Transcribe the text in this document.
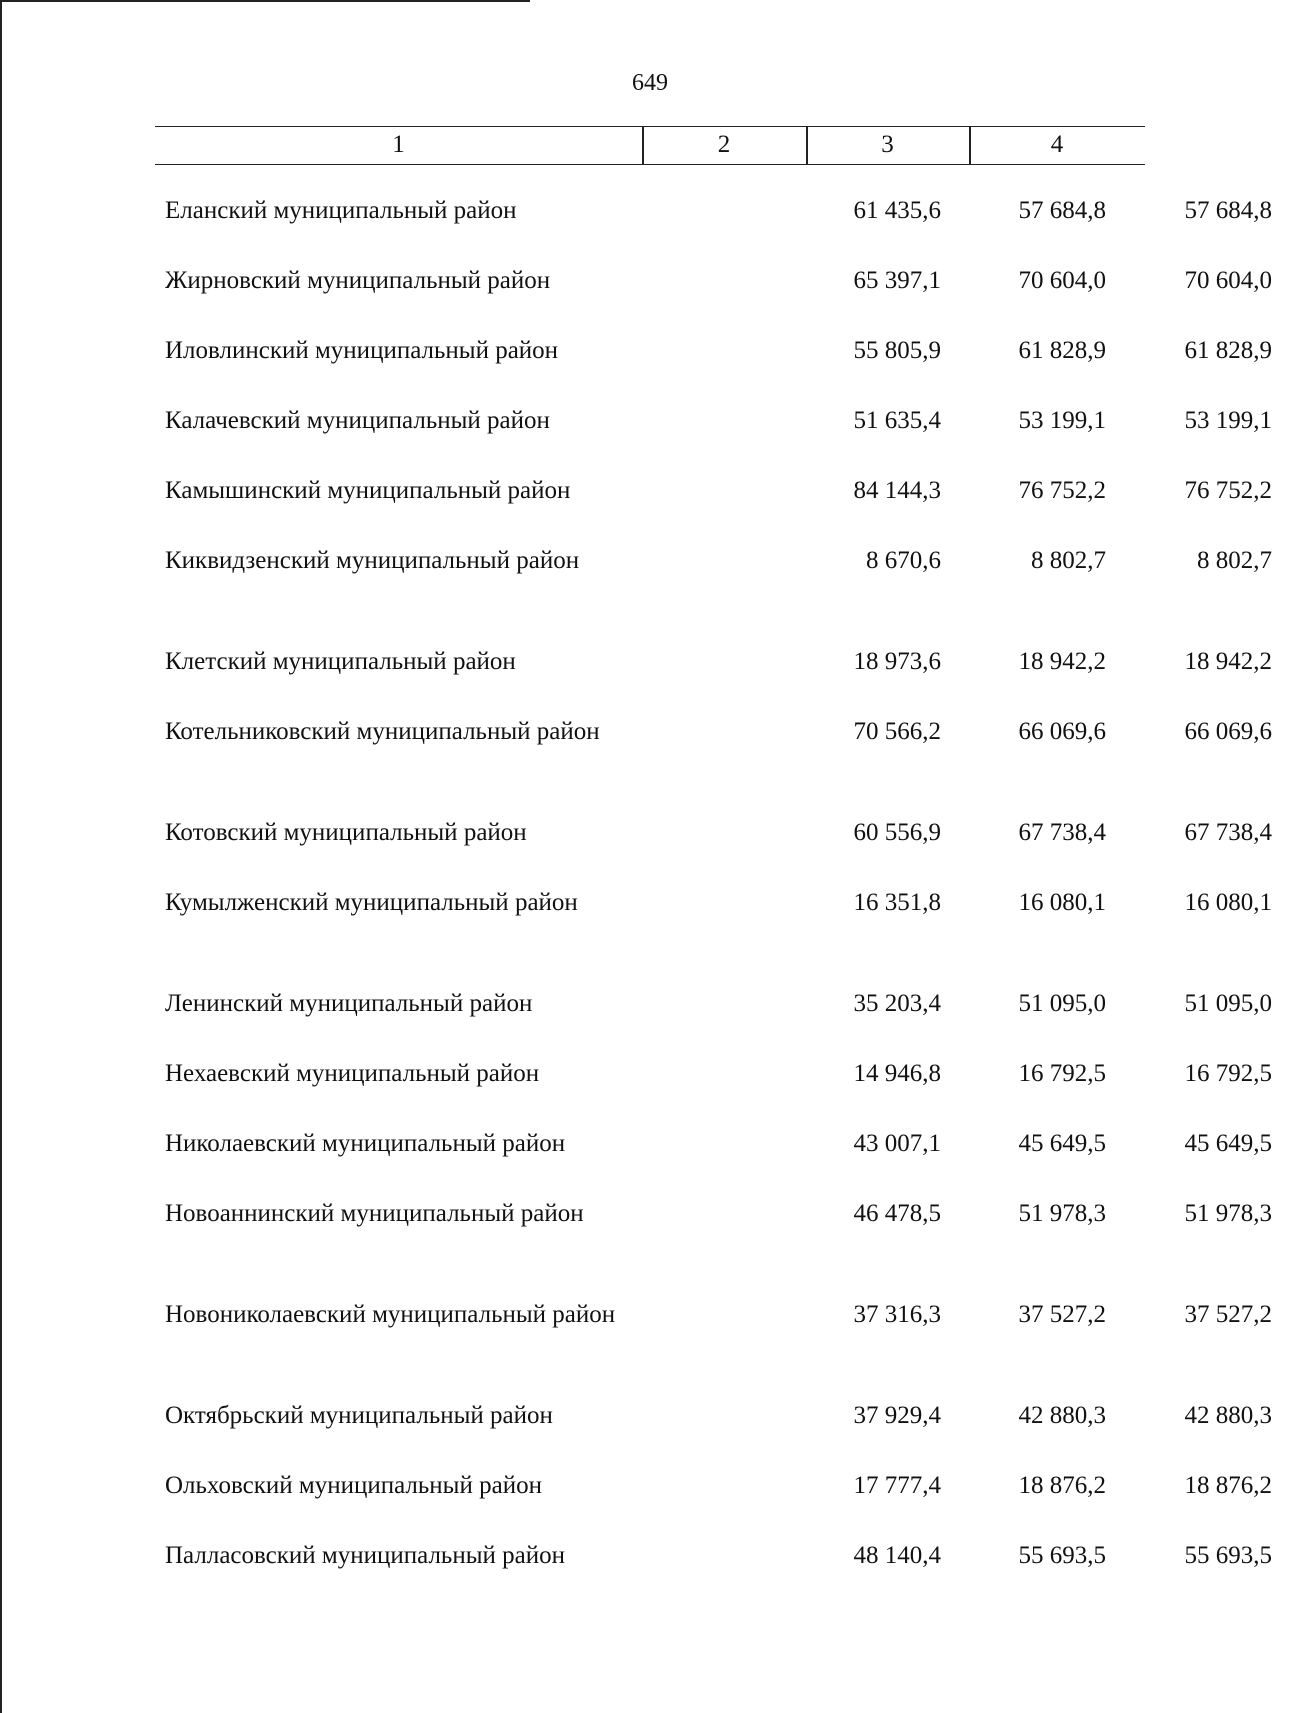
649
1	2	3	4
Еланский муниципальный район	61 435,6	57 684,8	57 684,8
Жирновский муниципальный район	65 397,1	70 604,0	70 604,0
Иловлинский муниципальный район	55 805,9	61 828,9	61 828,9
Калачевский муниципальный район	51 635,4	53 199,1	53 199,1
Камышинский муниципальный район	84 144,3	76 752,2	76 752,2
Киквидзенский муниципальный район	8 670,6	8 802,7	8 802,7
Клетский муниципальный район	18 973,6	18 942,2	18 942,2
Котельниковский муниципальный район	70 566,2	66 069,6	66 069,6
Котовский муниципальный район	60 556,9	67 738,4	67 738,4
Кумылженский муниципальный район	16 351,8	16 080,1	16 080,1
Ленинский муниципальный район	35 203,4	51 095,0	51 095,0
Нехаевский муниципальный район	14 946,8	16 792,5	16 792,5
Николаевский муниципальный район	43 007,1	45 649,5	45 649,5
Новоаннинский муниципальный район	46 478,5	51 978,3	51 978,3
Новониколаевский муниципальный район	37 316,3	37 527,2	37 527,2
Октябрьский муниципальный район	37 929,4	42 880,3	42 880,3
Ольховский муниципальный район	17 777,4	18 876,2	18 876,2
Палласовский муниципальный район	48 140,4	55 693,5	55 693,5
